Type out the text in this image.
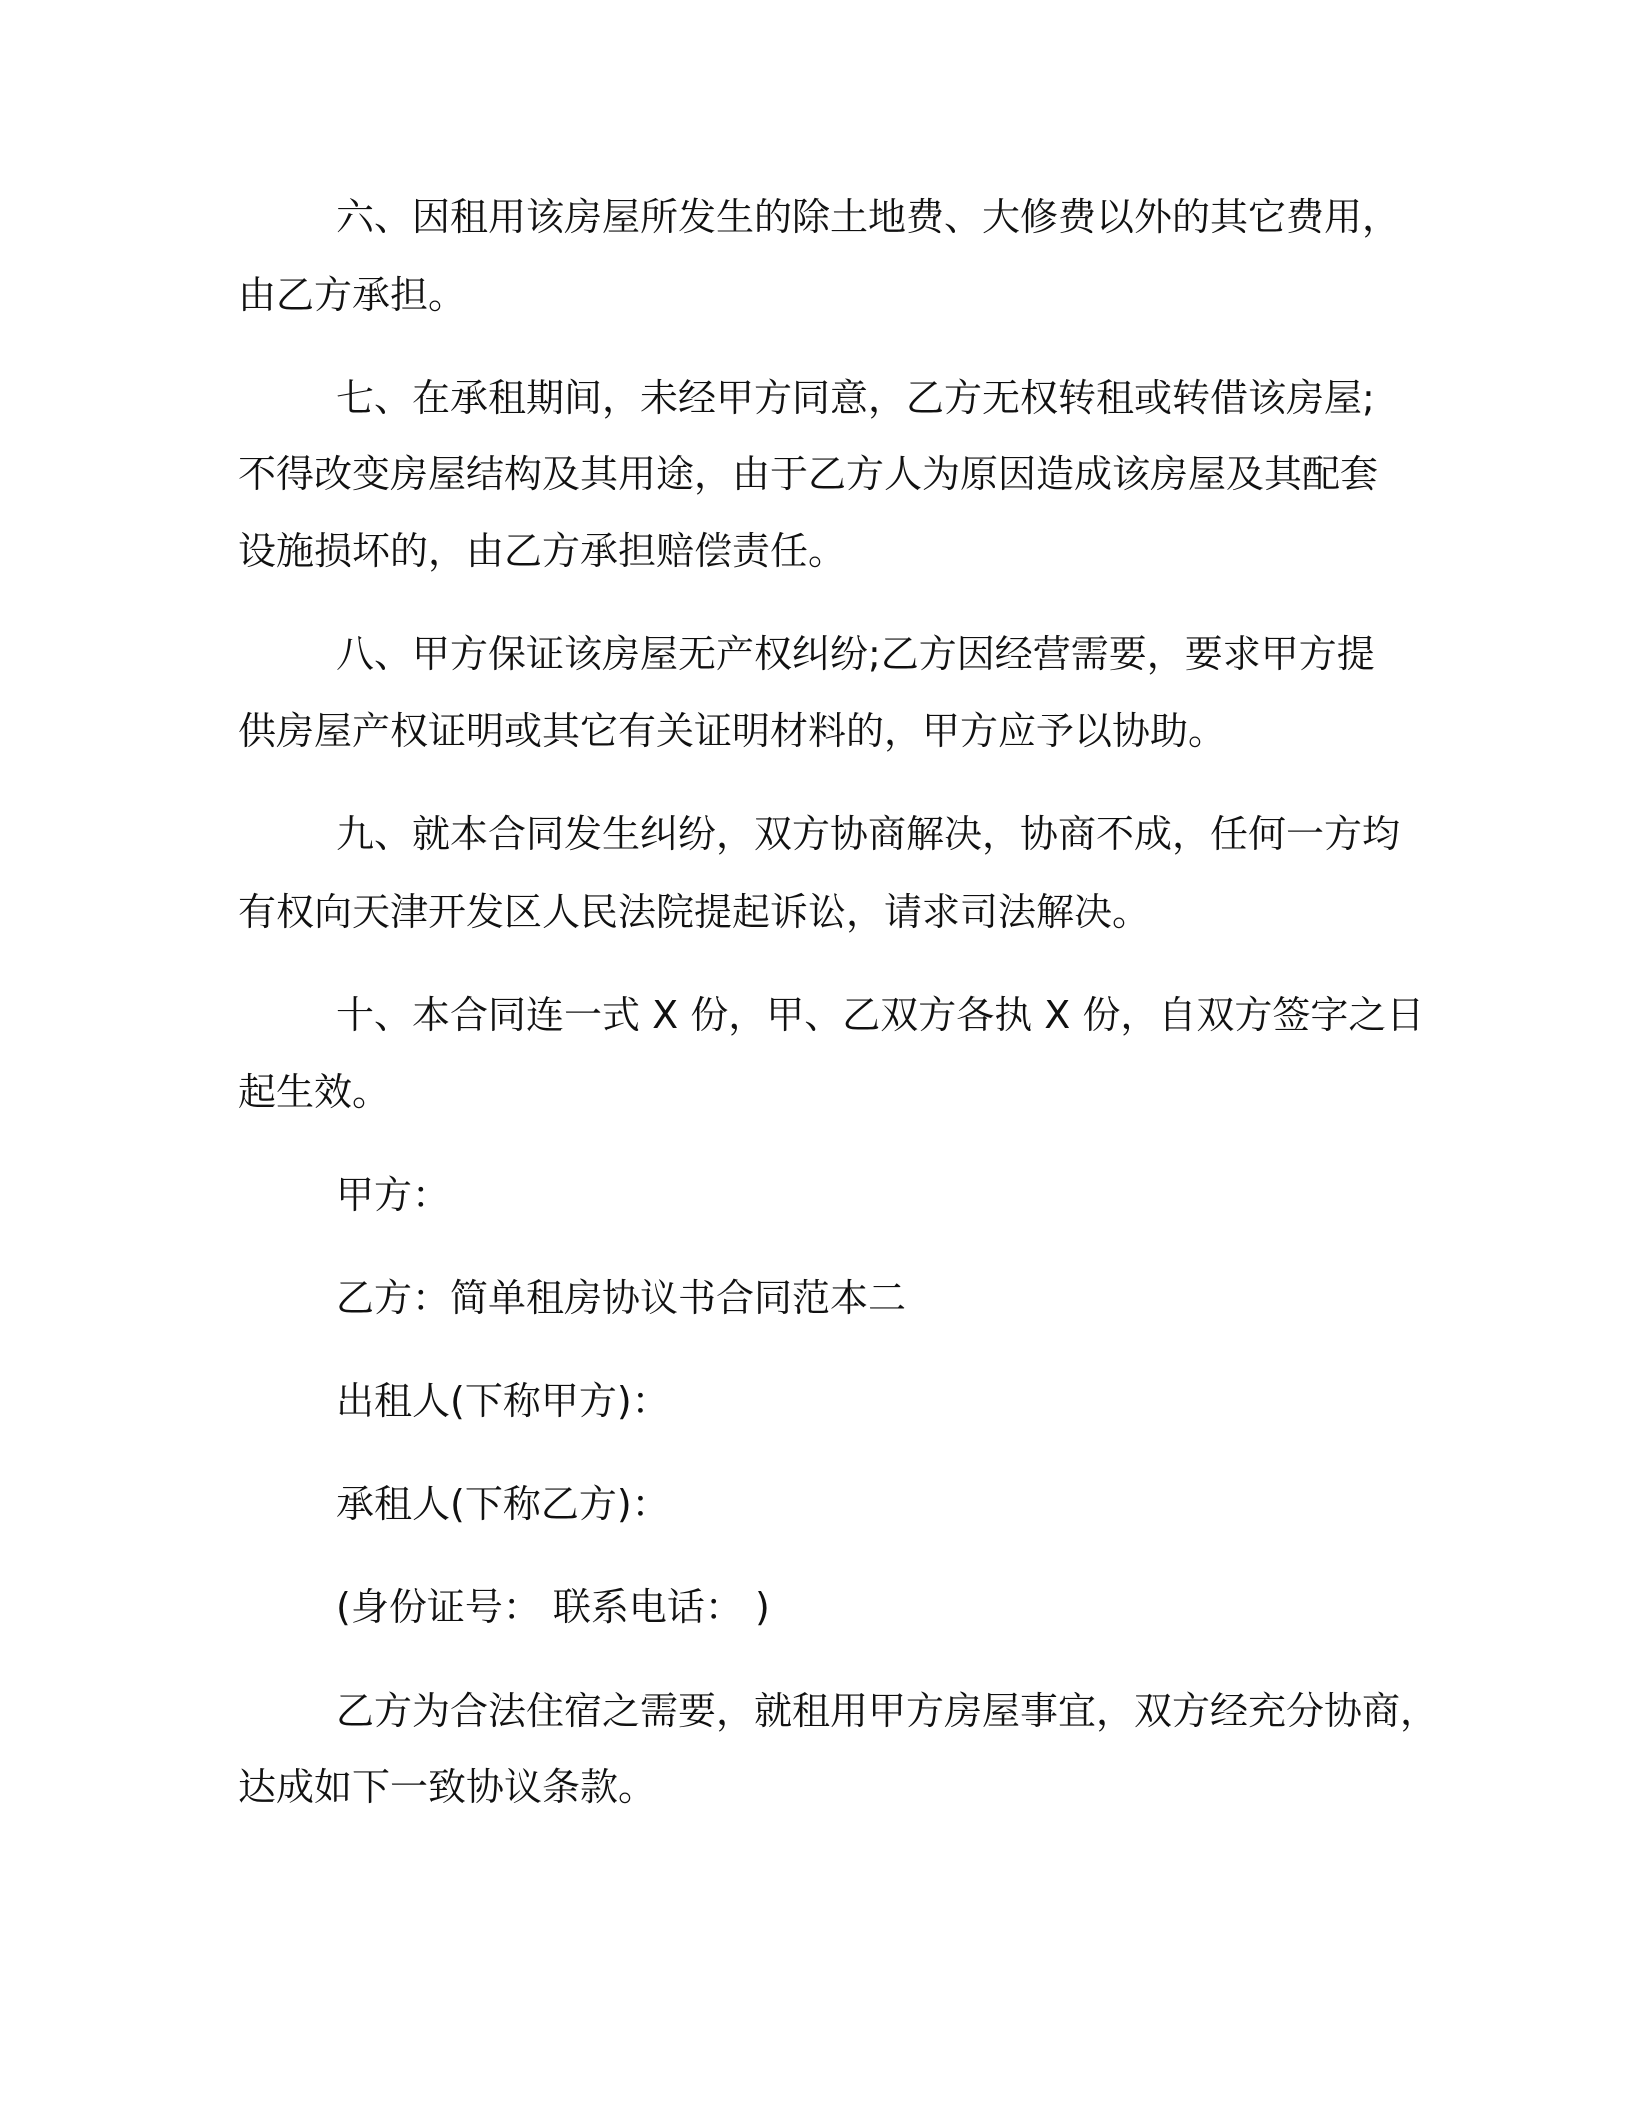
六、因租用该房屋所发生的除土地费、大修费以外的其它费用，
由乙方承担。
七、在承租期间，未经甲方同意，乙方无权转租或转借该房屋;
不得改变房屋结构及其用途，由于乙方人为原因造成该房屋及其配套
设施损坏的，由乙方承担赔偿责任。
八、甲方保证该房屋无产权纠纷;乙方因经营需要，要求甲方提
供房屋产权证明或其它有关证明材料的，甲方应予以协助。
九、就本合同发生纠纷，双方协商解决，协商不成，任何一方均
有权向天津开发区人民法院提起诉讼，请求司法解决。
十、本合同连一式 X 份，甲、乙双方各执 X 份，自双方签字之日
起生效。
甲方：
乙方：简单租房协议书合同范本二
出租人(下称甲方)：
承租人(下称乙方)：
(身份证号： 联系电话： )
乙方为合法住宿之需要，就租用甲方房屋事宜，双方经充分协商，
达成如下一致协议条款。
